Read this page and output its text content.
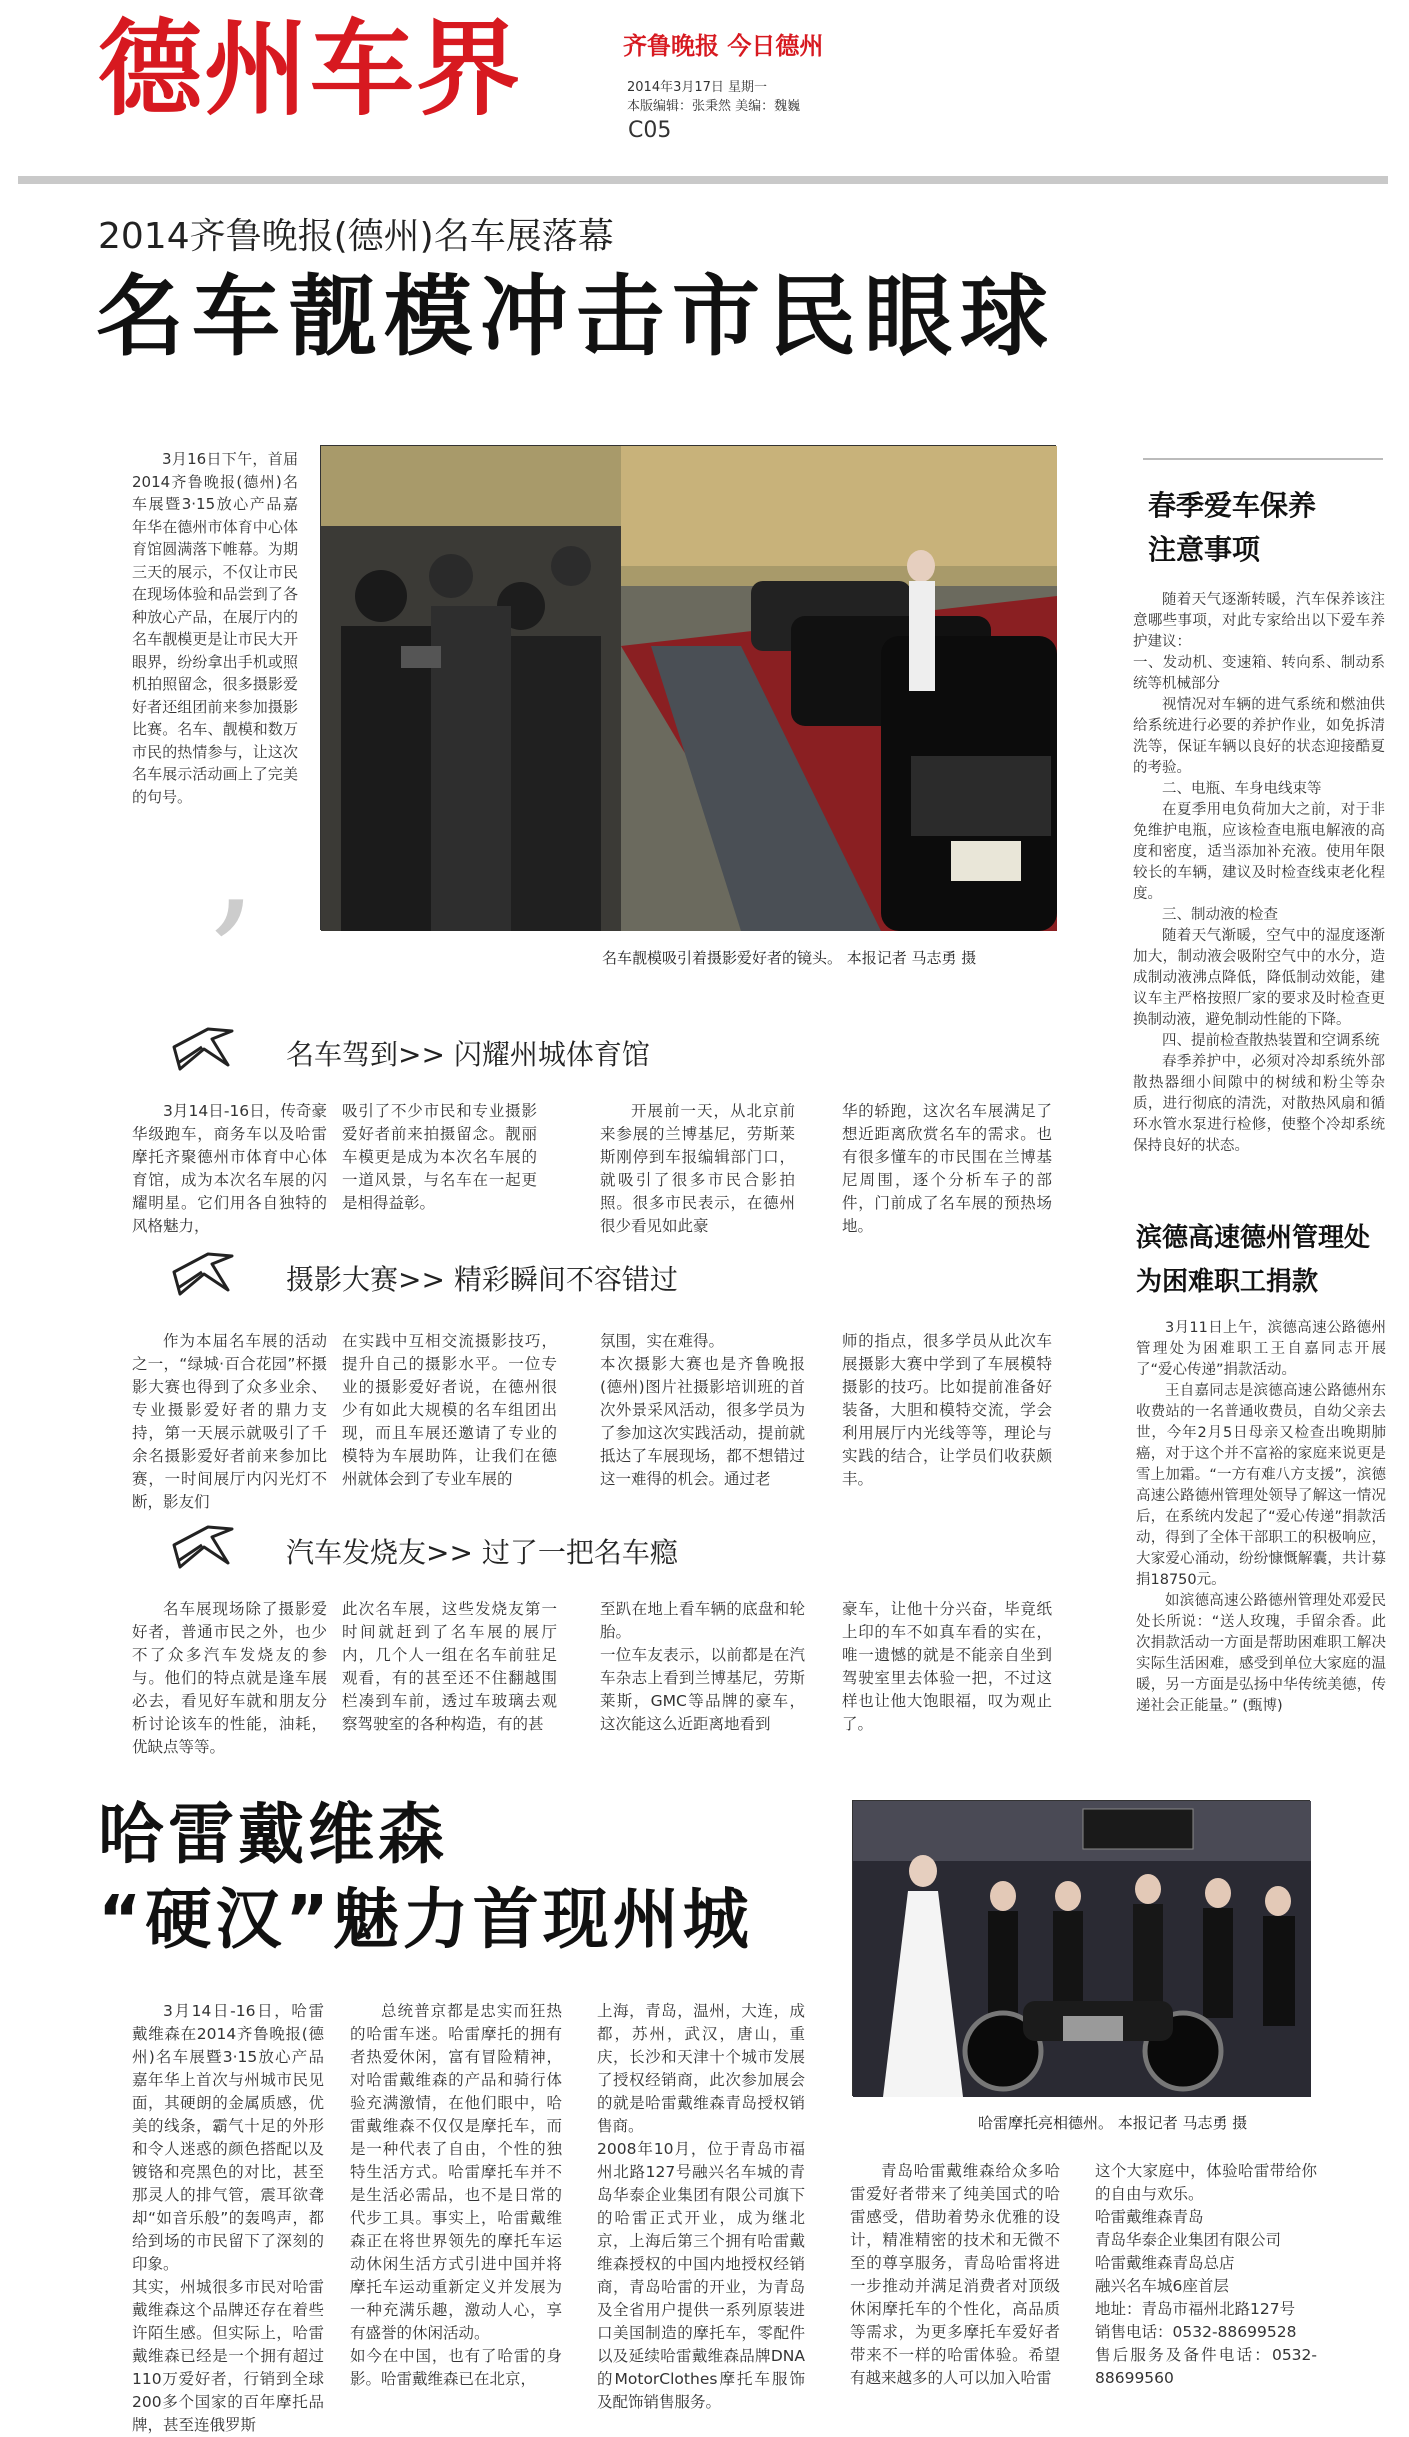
德州车界	齐鲁晚报 今日德州
2014年3月17日 星期一
本版编辑：张秉然 美编：魏巍
C05
2014齐鲁晚报(德州)名车展落幕
名车靓模冲击市民眼球
3月16日下午，首届2014齐鲁晚报(德州)名车展暨3·15放心产品嘉年华在德州市体育中心体育馆圆满落下帷幕。为期三天的展示，不仅让市民在现场体验和品尝到了各种放心产品，在展厅内的名车靓模更是让市民大开眼界，纷纷拿出手机或照机拍照留念，很多摄影爱好者还组团前来参加摄影比赛。名车、靓模和数万市民的热情参与，让这次名车展示活动画上了完美的句号。 ,
名车靓模吸引着摄影爱好者的镜头。 本报记者 马志勇 摄
名车驾到>> 闪耀州城体育馆
3月14日-16日，传奇豪华级跑车，商务车以及哈雷摩托齐聚德州市体育中心体育馆，成为本次名车展的闪耀明星。它们用各自独特的风格魅力，
吸引了不少市民和专业摄影爱好者前来拍摄留念。靓丽车模更是成为本次名车展的一道风景，与名车在一起更是相得益彰。
开展前一天，从北京前来参展的兰博基尼，劳斯莱斯刚停到车报编辑部门口，就吸引了很多市民合影拍照。很多市民表示，在德州很少看见如此豪
华的轿跑，这次名车展满足了想近距离欣赏名车的需求。也有很多懂车的市民围在兰博基尼周围，逐个分析车子的部件，门前成了名车展的预热场地。
摄影大赛>> 精彩瞬间不容错过
作为本届名车展的活动之一，“绿城·百合花园”杯摄影大赛也得到了众多业余、专业摄影爱好者的鼎力支持，第一天展示就吸引了千余名摄影爱好者前来参加比赛，一时间展厅内闪光灯不断，影友们
在实践中互相交流摄影技巧，提升自己的摄影水平。一位专业的摄影爱好者说，在德州很少有如此大规模的名车组团出现，而且车展还邀请了专业的模特为车展助阵，让我们在德州就体会到了专业车展的
氛围，实在难得。
本次摄影大赛也是齐鲁晚报(德州)图片社摄影培训班的首次外景采风活动，很多学员为了参加这次实践活动，提前就抵达了车展现场，都不想错过这一难得的机会。通过老
师的指点，很多学员从此次车展摄影大赛中学到了车展模特摄影的技巧。比如提前准备好装备，大胆和模特交流，学会利用展厅内光线等等，理论与实践的结合，让学员们收获颇丰。
汽车发烧友>> 过了一把名车瘾
名车展现场除了摄影爱好者，普通市民之外，也少不了众多汽车发烧友的参与。他们的特点就是逢车展必去，看见好车就和朋友分析讨论该车的性能，油耗，优缺点等等。
此次名车展，这些发烧友第一时间就赶到了名车展的展厅内，几个人一组在名车前驻足观看，有的甚至还不住翻越围栏凑到车前，透过车玻璃去观察驾驶室的各种构造，有的甚
至趴在地上看车辆的底盘和轮胎。
一位车友表示，以前都是在汽车杂志上看到兰博基尼，劳斯莱斯，GMC等品牌的豪车，这次能这么近距离地看到
豪车，让他十分兴奋，毕竟纸上印的车不如真车看的实在，唯一遗憾的就是不能亲自坐到驾驶室里去体验一把，不过这样也让他大饱眼福，叹为观止了。
春季爱车保养
注意事项

随着天气逐渐转暖，汽车保养该注意哪些事项，对此专家给出以下爱车养护建议：

一、发动机、变速箱、转向系、制动系统等机械部分

视情况对车辆的进气系统和燃油供给系统进行必要的养护作业，如免拆清洗等，保证车辆以良好的状态迎接酷夏的考验。

二、电瓶、车身电线束等

在夏季用电负荷加大之前，对于非免维护电瓶，应该检查电瓶电解液的高度和密度，适当添加补充液。使用年限较长的车辆，建议及时检查线束老化程度。

三、制动液的检查

随着天气渐暖，空气中的湿度逐渐加大，制动液会吸附空气中的水分，造成制动液沸点降低，降低制动效能，建议车主严格按照厂家的要求及时检查更换制动液，避免制动性能的下降。

四、提前检查散热装置和空调系统

春季养护中，必须对冷却系统外部散热器细小间隙中的树绒和粉尘等杂质，进行彻底的清洗，对散热风扇和循环水管水泵进行检修，使整个冷却系统保持良好的状态。

滨德高速德州管理处
为困难职工捐款

3月11日上午，滨德高速公路德州管理处为困难职工王自嘉同志开展了“爱心传递”捐款活动。

王自嘉同志是滨德高速公路德州东收费站的一名普通收费员，自幼父亲去世，今年2月5日母亲又检查出晚期肺癌，对于这个并不富裕的家庭来说更是雪上加霜。“一方有难八方支援”，滨德高速公路德州管理处领导了解这一情况后，在系统内发起了“爱心传递”捐款活动，得到了全体干部职工的积极响应，大家爱心涌动，纷纷慷慨解囊，共计募捐18750元。

如滨德高速公路德州管理处邓爱民处长所说：“送人玫瑰，手留余香。此次捐款活动一方面是帮助困难职工解决实际生活困难，感受到单位大家庭的温暖，另一方面是弘扬中华传统美德，传递社会正能量。” (甄博)

哈雷戴维森
“硬汉”魅力首现州城
哈雷摩托亮相德州。 本报记者 马志勇 摄
3月14日-16日，哈雷戴维森在2014齐鲁晚报(德州)名车展暨3·15放心产品嘉年华上首次与州城市民见面，其硬朗的金属质感，优美的线条，霸气十足的外形和令人迷惑的颜色搭配以及镀铬和亮黑色的对比，甚至那灵人的排气管，震耳欲聋却“如音乐般”的轰鸣声，都给到场的市民留下了深刻的印象。
其实，州城很多市民对哈雷戴维森这个品牌还存在着些许陌生感。但实际上，哈雷戴维森已经是一个拥有超过110万爱好者，行销到全球200多个国家的百年摩托品牌，甚至连俄罗斯
总统普京都是忠实而狂热的哈雷车迷。哈雷摩托的拥有者热爱休闲，富有冒险精神，对哈雷戴维森的产品和骑行体验充满激情，在他们眼中，哈雷戴维森不仅仅是摩托车，而是一种代表了自由，个性的独特生活方式。哈雷摩托车并不是生活必需品，也不是日常的代步工具。事实上，哈雷戴维森正在将世界领先的摩托车运动休闲生活方式引进中国并将摩托车运动重新定义并发展为一种充满乐趣，激动人心，享有盛誉的休闲活动。
如今在中国，也有了哈雷的身影。哈雷戴维森已在北京，
上海，青岛，温州，大连，成都，苏州，武汉，唐山，重庆，长沙和天津十个城市发展了授权经销商，此次参加展会的就是哈雷戴维森青岛授权销售商。
2008年10月，位于青岛市福州北路127号融兴名车城的青岛华泰企业集团有限公司旗下的哈雷正式开业，成为继北京，上海后第三个拥有哈雷戴维森授权的中国内地授权经销商，青岛哈雷的开业，为青岛及全省用户提供一系列原装进口美国制造的摩托车，零配件以及延续哈雷戴维森品牌DNA的MotorClothes摩托车服饰及配饰销售服务。
青岛哈雷戴维森给众多哈雷爱好者带来了纯美国式的哈雷感受，借助着势永优雅的设计，精准精密的技术和无微不至的尊享服务，青岛哈雷将进一步推动并满足消费者对顶级休闲摩托车的个性化，高品质等需求，为更多摩托车爱好者带来不一样的哈雷体验。希望有越来越多的人可以加入哈雷
这个大家庭中，体验哈雷带给你的自由与欢乐。
哈雷戴维森青岛
青岛华泰企业集团有限公司
哈雷戴维森青岛总店
融兴名车城6座首层
地址：青岛市福州北路127号
销售电话：0532-88699528
售后服务及备件电话：0532-88699560
